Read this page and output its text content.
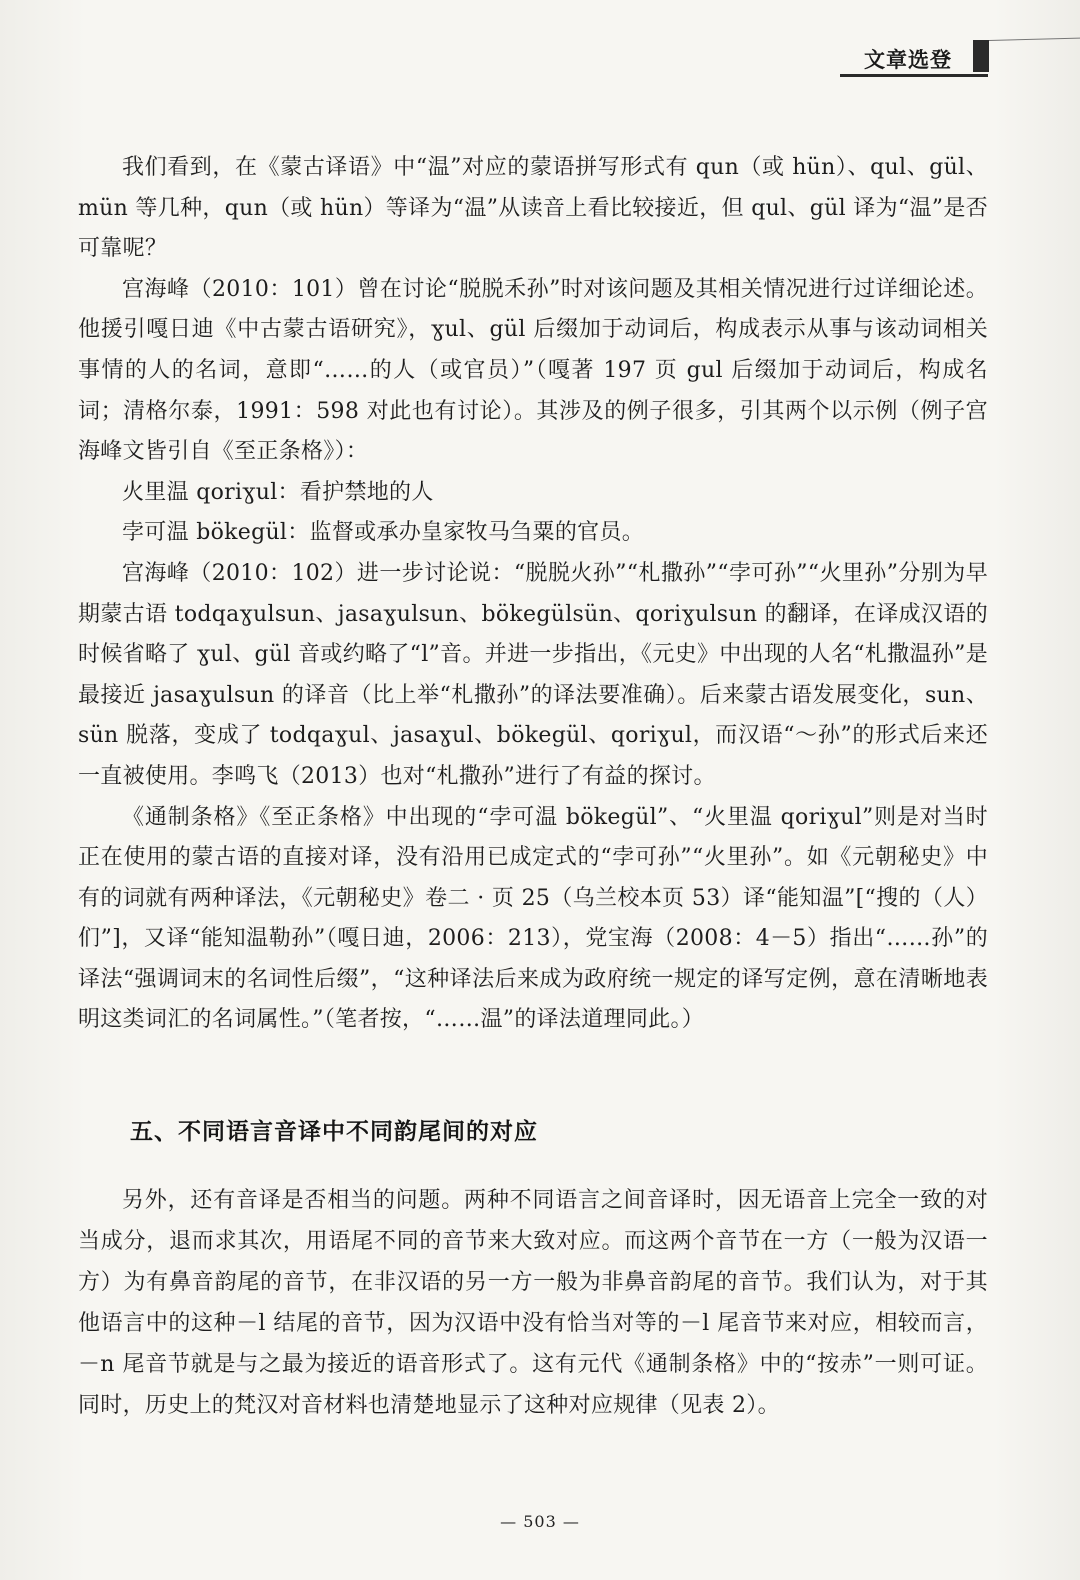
文章选登

我们看到，在《蒙古译语》中“温”对应的蒙语拼写形式有 qun（或 hün）、qul、gül、mün 等几种，qun（或 hün）等译为“温”从读音上看比较接近，但 qul、gül 译为“温”是否可靠呢？

宫海峰（2010：101）曾在讨论“脱脱禾孙”时对该问题及其相关情况进行过详细论述。他援引嘎日迪《中古蒙古语研究》，ɣul、gül 后缀加于动词后，构成表示从事与该动词相关事情的人的名词，意即“……的人（或官员）”（嘎著 197 页 gul 后缀加于动词后，构成名词；清格尔泰，1991：598 对此也有讨论）。其涉及的例子很多，引其两个以示例（例子宫海峰文皆引自《至正条格》）：

火里温 qoriɣul：看护禁地的人

孛可温 bökegül：监督或承办皇家牧马刍粟的官员。

宫海峰（2010：102）进一步讨论说：“脱脱火孙”“札撒孙”“孛可孙”“火里孙”分别为早期蒙古语 todqaɣulsun、jasaɣulsun、bökegülsün、qoriɣulsun 的翻译，在译成汉语的时候省略了 ɣul、gül 音或约略了“l”音。并进一步指出，《元史》中出现的人名“札撒温孙”是最接近 jasaɣulsun 的译音（比上举“札撒孙”的译法要准确）。后来蒙古语发展变化，sun、sün 脱落，变成了 todqaɣul、jasaɣul、bökegül、qoriɣul，而汉语“～孙”的形式后来还一直被使用。李鸣飞（2013）也对“札撒孙”进行了有益的探讨。

《通制条格》《至正条格》中出现的“孛可温 bökegül”、“火里温 qoriɣul”则是对当时正在使用的蒙古语的直接对译，没有沿用已成定式的“孛可孙”“火里孙”。如《元朝秘史》中有的词就有两种译法，《元朝秘史》卷二 · 页 25（乌兰校本页 53）译“能知温”[“搜的（人）们”]，又译“能知温勒孙”（嘎日迪，2006：213），党宝海（2008：4－5）指出“……孙”的译法“强调词末的名词性后缀”，“这种译法后来成为政府统一规定的译写定例，意在清晰地表明这类词汇的名词属性。”（笔者按，“……温”的译法道理同此。）

五、不同语言音译中不同韵尾间的对应

另外，还有音译是否相当的问题。两种不同语言之间音译时，因无语音上完全一致的对当成分，退而求其次，用语尾不同的音节来大致对应。而这两个音节在一方（一般为汉语一方）为有鼻音韵尾的音节，在非汉语的另一方一般为非鼻音韵尾的音节。我们认为，对于其他语言中的这种－l 结尾的音节，因为汉语中没有恰当对等的－l 尾音节来对应，相较而言，－n 尾音节就是与之最为接近的语音形式了。这有元代《通制条格》中的“按赤”一则可证。同时，历史上的梵汉对音材料也清楚地显示了这种对应规律（见表 2）。

— 503 —
